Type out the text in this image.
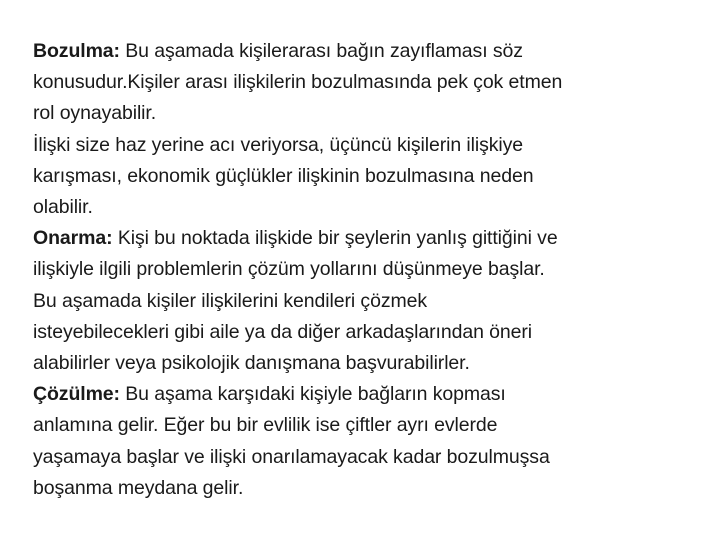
Bozulma: Bu aşamada kişilerarası bağın zayıflaması söz
konusudur.Kişiler arası ilişkilerin bozulmasında pek çok etmen
rol oynayabilir.

İlişki size haz yerine acı veriyorsa, üçüncü kişilerin ilişkiye
karışması, ekonomik güçlükler ilişkinin bozulmasına neden
olabilir.

Onarma: Kişi bu noktada ilişkide bir şeylerin yanlış gittiğini ve
ilişkiyle ilgili problemlerin çözüm yollarını düşünmeye başlar.

Bu aşamada kişiler ilişkilerini kendileri çözmek
isteyebilecekleri gibi aile ya da diğer arkadaşlarından öneri
alabilirler veya psikolojik danışmana başvurabilirler.

Çözülme: Bu aşama karşıdaki kişiyle bağların kopması
anlamına gelir. Eğer bu bir evlilik ise çiftler ayrı evlerde
yaşamaya başlar ve ilişki onarılamayacak kadar bozulmuşsa
boşanma meydana gelir.
